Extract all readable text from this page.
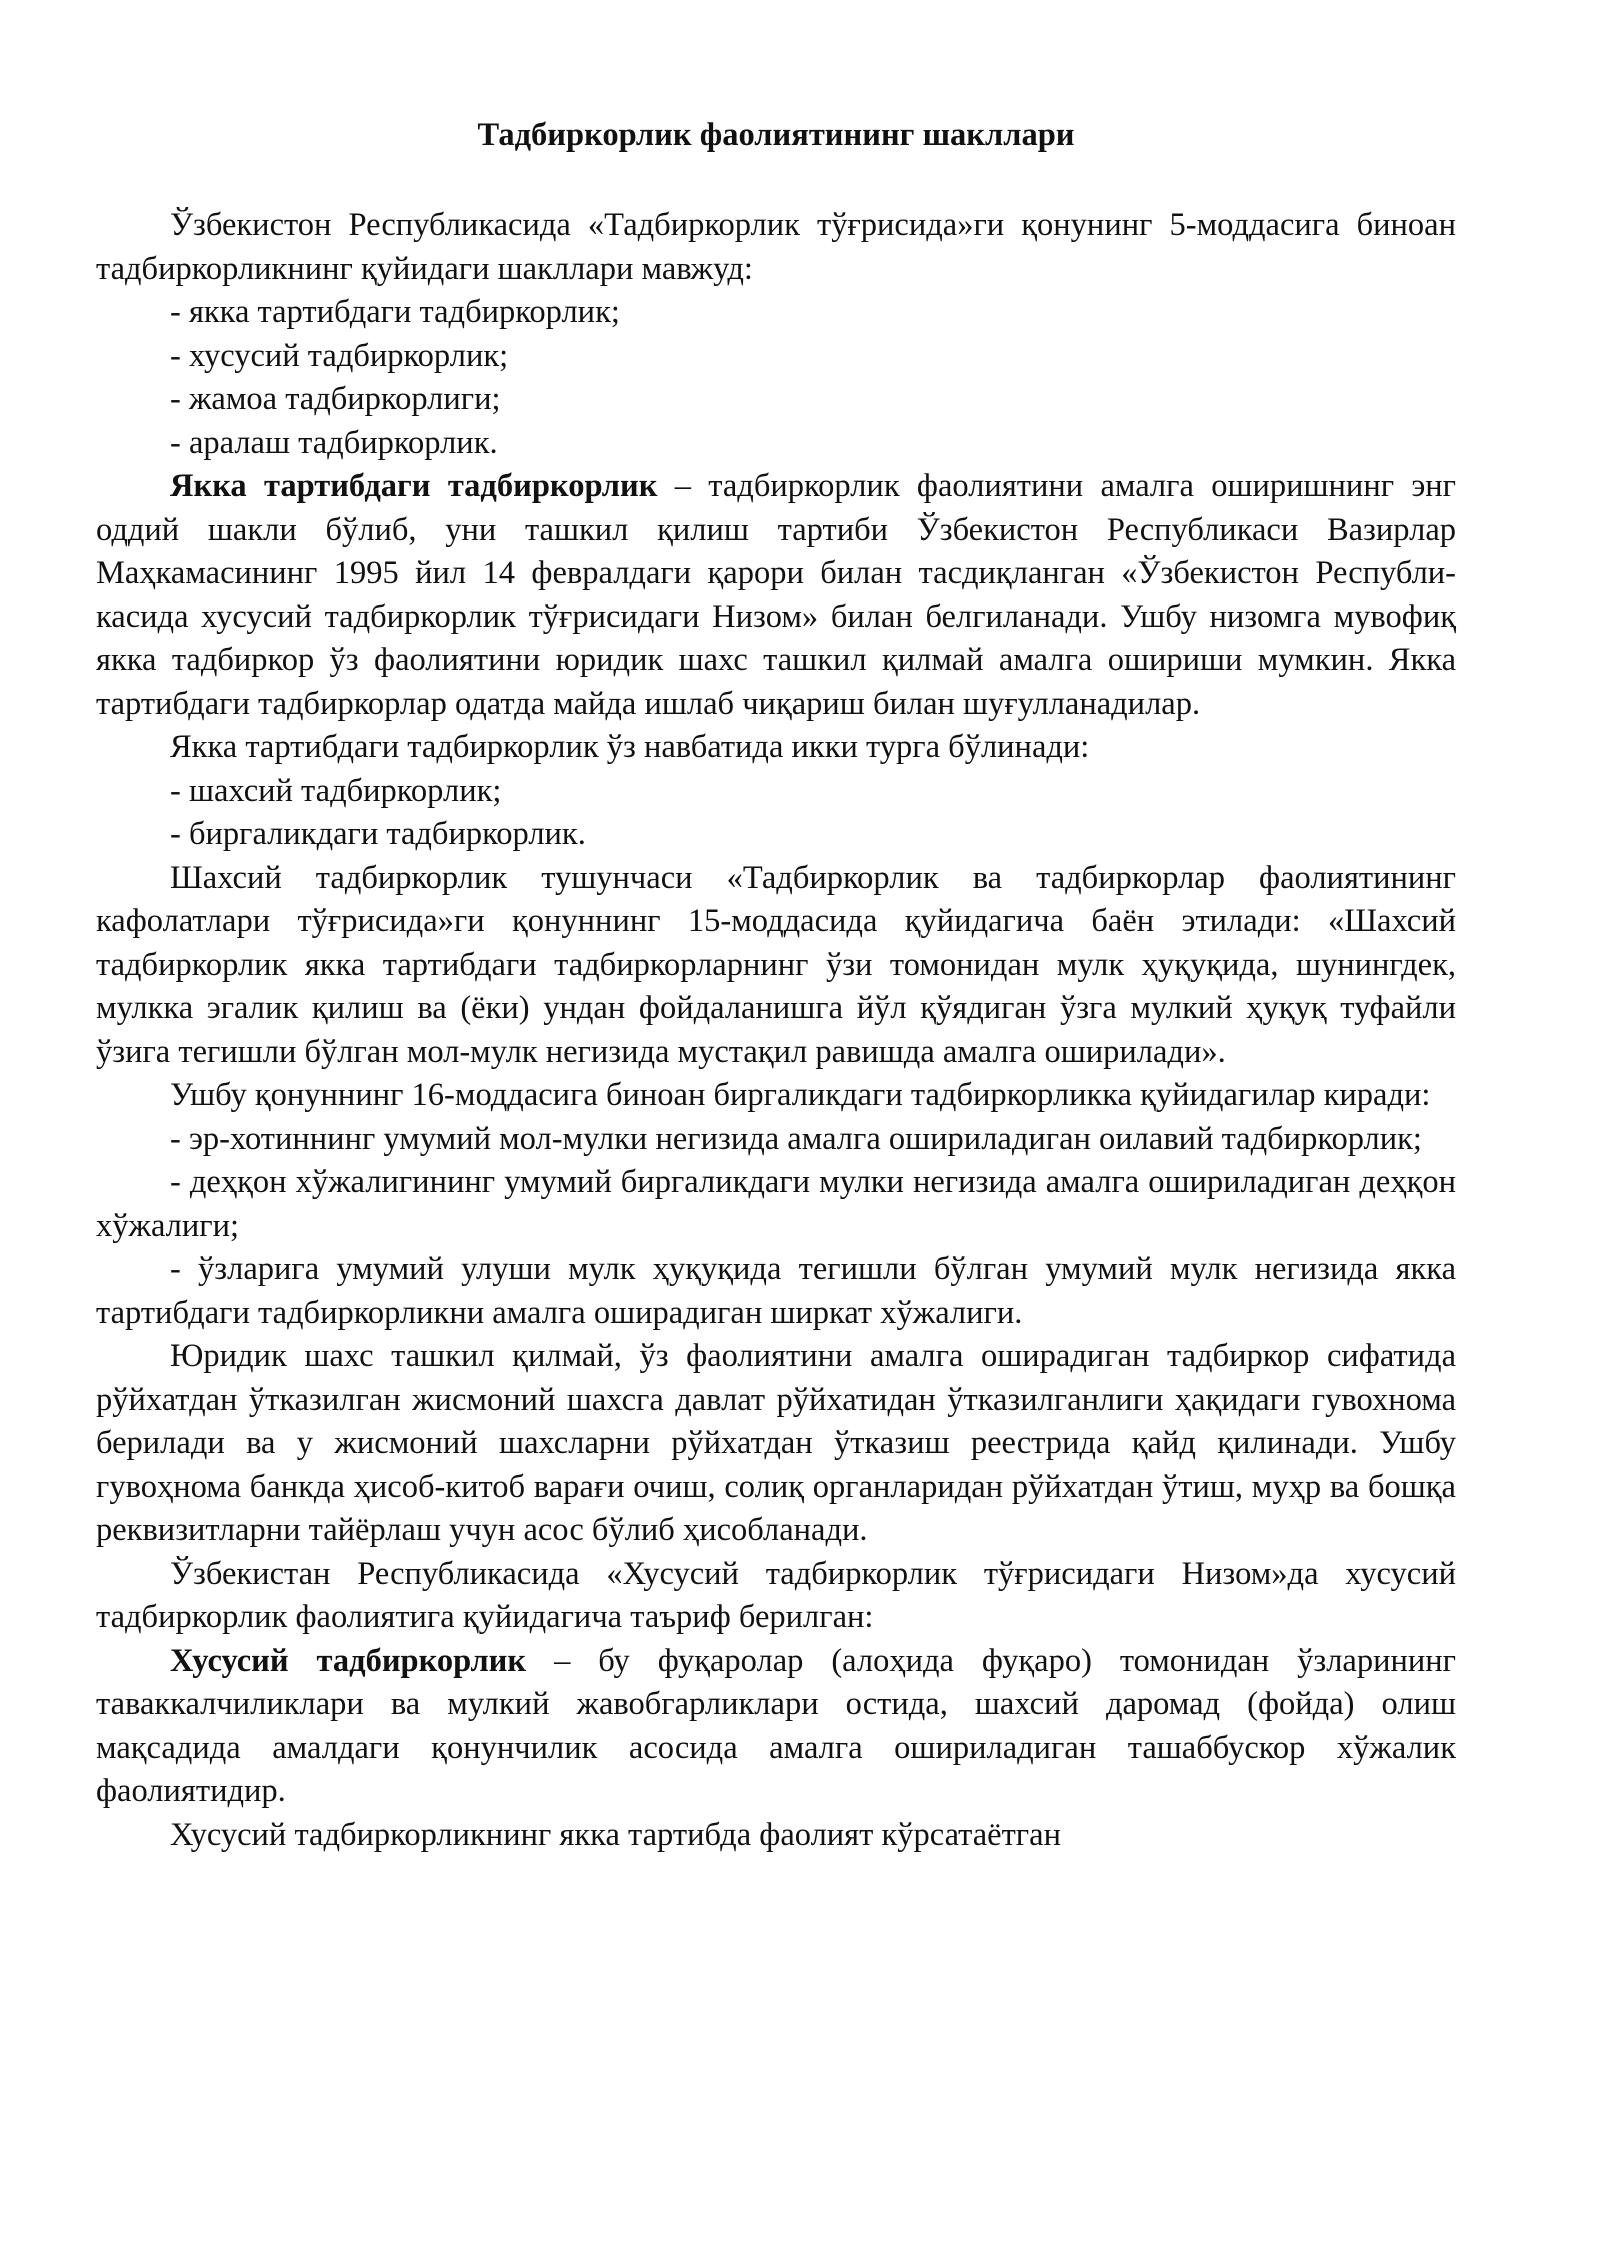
Тадбиркорлик фаолиятининг шакллари

Ўзбекистон Республикасида «Тадбиркорлик тўғрисида»ги қонунинг 5-моддасига биноан тадбиркорликнинг қуйидаги шакллари мавжуд:

- якка тартибдаги тадбиркорлик;

- хусусий тадбиркорлик;

- жамоа тадбиркорлиги;

- аралаш тадбиркорлик.

Якка тартибдаги тадбиркорлик – тадбиркорлик фаолиятини амалга оширишнинг энг оддий шакли бўлиб, уни ташкил қилиш тартиби Ўзбекистон Республикаси Вазирлар Маҳкамасининг 1995 йил 14 февралдаги қарори билан тасдиқланган «Ўзбекистон Республи-касида хусусий тадбиркорлик тўғрисидаги Низом» билан белгиланади. Ушбу низомга мувофиқ якка тадбиркор ўз фаолиятини юридик шахс ташкил қилмай амалга ошириши мумкин. Якка тартибдаги тадбиркорлар одатда майда ишлаб чиқариш билан шуғулланадилар.

Якка тартибдаги тадбиркорлик ўз навбатида икки турга бўлинади:

- шахсий тадбиркорлик;

- биргаликдаги тадбиркорлик.

Шахсий тадбиркорлик тушунчаси «Тадбиркорлик ва тадбиркорлар фаолиятининг кафолатлари тўғрисида»ги қонуннинг 15-моддасида қуйидагича баён этилади: «Шахсий тадбиркорлик якка тартибдаги тадбиркорларнинг ўзи томонидан мулк ҳуқуқида, шунингдек, мулкка эгалик қилиш ва (ёки) ундан фойдаланишга йўл қўядиган ўзга мулкий ҳуқуқ туфайли ўзига тегишли бўлган мол-мулк негизида мустақил равишда амалга оширилади».

Ушбу қонуннинг 16-моддасига биноан биргаликдаги тадбиркорликка қуйидагилар киради:

- эр-хотиннинг умумий мол-мулки негизида амалга ошириладиган оилавий тадбиркорлик;

- деҳқон хўжалигининг умумий биргаликдаги мулки негизида амалга ошириладиган деҳқон хўжалиги;

- ўзларига умумий улуши мулк ҳуқуқида тегишли бўлган умумий мулк негизида якка тартибдаги тадбиркорликни амалга оширадиган ширкат хўжалиги.

Юридик шахс ташкил қилмай, ўз фаолиятини амалга оширадиган тадбиркор сифатида рўйхатдан ўтказилган жисмоний шахсга давлат рўйхатидан ўтказилганлиги ҳақидаги гувохнома берилади ва у жисмоний шахсларни рўйхатдан ўтказиш реестрида қайд қилинади. Ушбу гувоҳнома банкда ҳисоб-китоб варағи очиш, солиқ органларидан рўйхатдан ўтиш, муҳр ва бошқа реквизитларни тайёрлаш учун асос бўлиб ҳисобланади.

Ўзбекистан Республикасида «Хусусий тадбиркорлик тўғрисидаги Низом»да хусусий тадбиркорлик фаолиятига қуйидагича таъриф берилган:

Хусусий тадбиркорлик – бу фуқаролар (алоҳида фуқаро) томонидан ўзларининг таваккалчиликлари ва мулкий жавобгарликлари остида, шахсий даромад (фойда) олиш мақсадида амалдаги қонунчилик асосида амалга ошириладиган ташаббускор хўжалик фаолиятидир.

Хусусий тадбиркорликнинг якка тартибда фаолият кўрсатаётган
